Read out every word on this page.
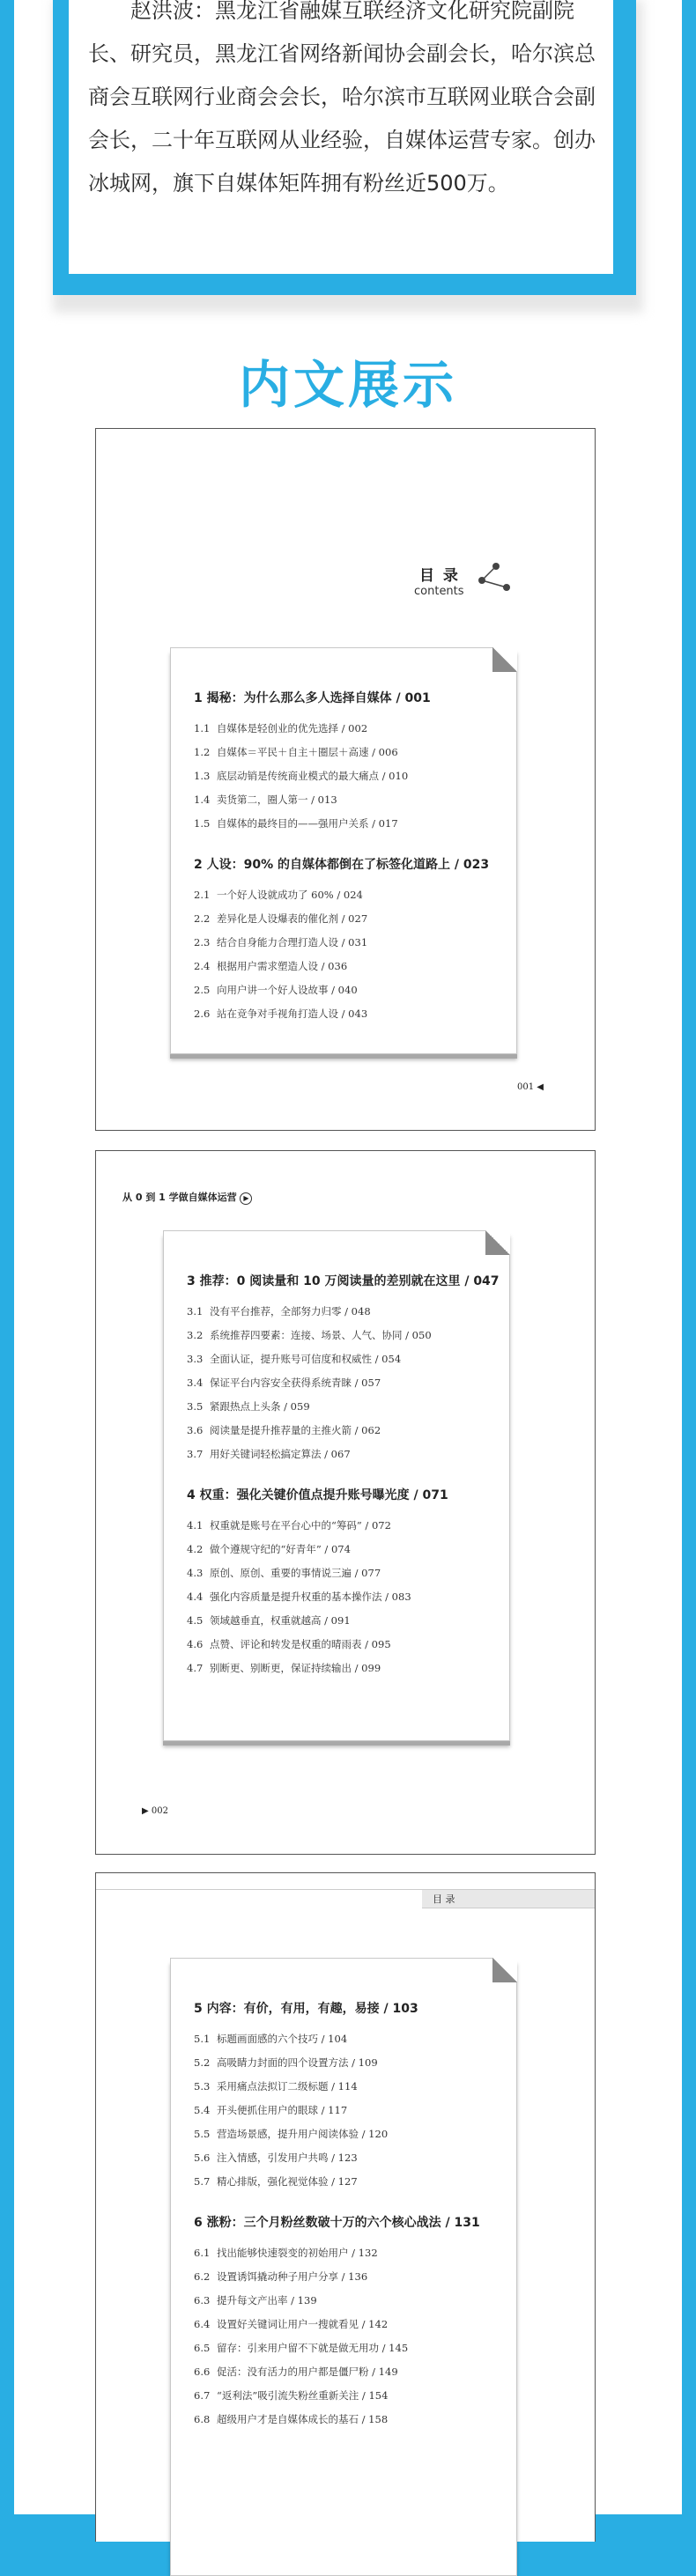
赵洪波：黑龙江省融媒互联经济文化研究院副院长、研究员，黑龙江省网络新闻协会副会长，哈尔滨总商会互联网行业商会会长，哈尔滨市互联网业联合会副会长，二十年互联网从业经验，自媒体运营专家。创办冰城网，旗下自媒体矩阵拥有粉丝近500万。
内文展示
目 录
contents

1 揭秘：为什么那么多人选择自媒体 / 001

1.1 自媒体是轻创业的优先选择 / 002

1.2 自媒体＝平民＋自主＋圈层＋高速 / 006

1.3 底层动销是传统商业模式的最大痛点 / 010

1.4 卖货第二，圈人第一 / 013

1.5 自媒体的最终目的——强用户关系 / 017

2 人设：90% 的自媒体都倒在了标签化道路上 / 023

2.1 一个好人设就成功了 60% / 024

2.2 差异化是人设爆表的催化剂 / 027

2.3 结合自身能力合理打造人设 / 031

2.4 根据用户需求塑造人设 / 036

2.5 向用户讲一个好人设故事 / 040

2.6 站在竞争对手视角打造人设 / 043

001 ◀
从 0 到 1 学做自媒体运营 ▶

3 推荐：0 阅读量和 10 万阅读量的差别就在这里 / 047

3.1 没有平台推荐，全部努力归零 / 048

3.2 系统推荐四要素：连接、场景、人气、协同 / 050

3.3 全面认证，提升账号可信度和权威性 / 054

3.4 保证平台内容安全获得系统青睐 / 057

3.5 紧跟热点上头条 / 059

3.6 阅读量是提升推荐量的主推火箭 / 062

3.7 用好关键词轻松搞定算法 / 067

4 权重：强化关键价值点提升账号曝光度 / 071

4.1 权重就是账号在平台心中的“筹码” / 072

4.2 做个遵规守纪的“好青年” / 074

4.3 原创、原创、重要的事情说三遍 / 077

4.4 强化内容质量是提升权重的基本操作法 / 083

4.5 领域越垂直，权重就越高 / 091

4.6 点赞、评论和转发是权重的晴雨表 / 095

4.7 别断更、别断更，保证持续输出 / 099

▶ 002
目 录

5 内容：有价，有用，有趣，易接 / 103

5.1 标题画面感的六个技巧 / 104

5.2 高吸睛力封面的四个设置方法 / 109

5.3 采用痛点法拟订二级标题 / 114

5.4 开头便抓住用户的眼球 / 117

5.5 营造场景感，提升用户阅读体验 / 120

5.6 注入情感，引发用户共鸣 / 123

5.7 精心排版，强化视觉体验 / 127

6 涨粉：三个月粉丝数破十万的六个核心战法 / 131

6.1 找出能够快速裂变的初始用户 / 132

6.2 设置诱饵撬动种子用户分享 / 136

6.3 提升每文产出率 / 139

6.4 设置好关键词让用户一搜就看见 / 142

6.5 留存：引来用户留不下就是做无用功 / 145

6.6 促活：没有活力的用户都是僵尸粉 / 149

6.7 “返利法”吸引流失粉丝重新关注 / 154

6.8 超级用户才是自媒体成长的基石 / 158
